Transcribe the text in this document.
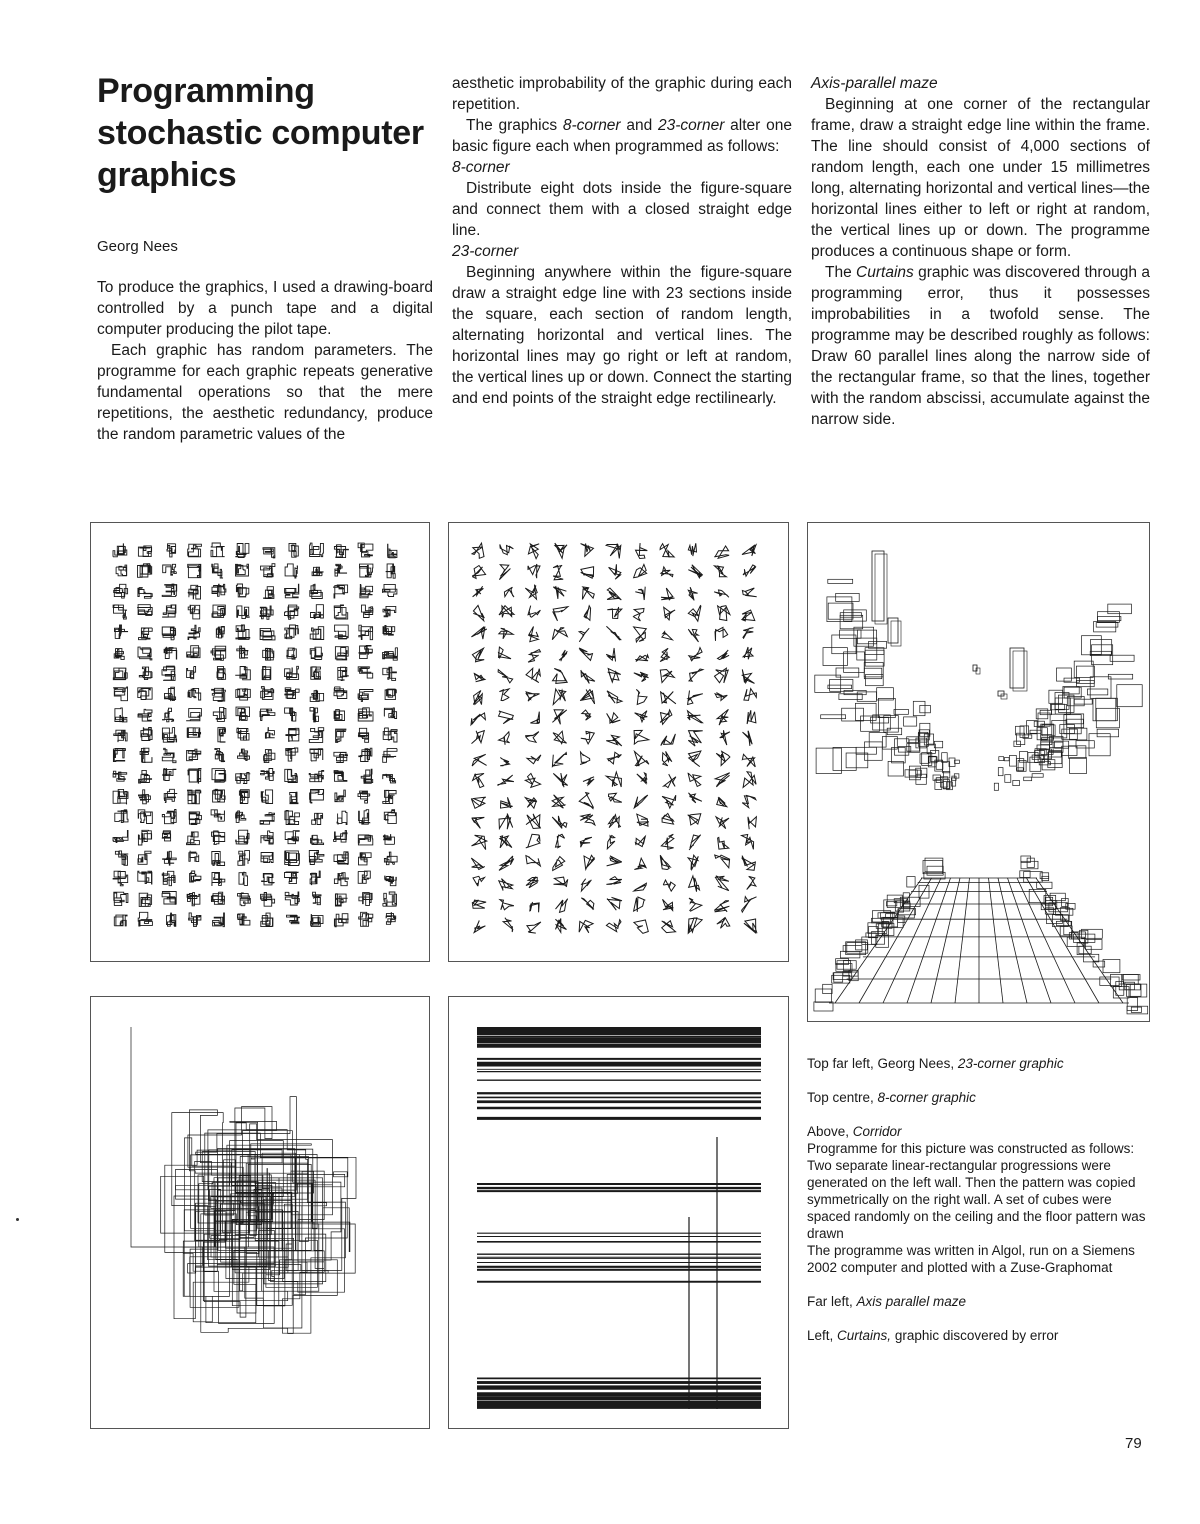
Programming stochastic computer graphics

Georg Nees

To produce the graphics, I used a drawing-board controlled by a punch tape and a digital computer producing the pilot tape.

Each graphic has random parameters. The programme for each graphic repeats generative fundamental operations so that the mere repetitions, the aesthetic redundancy, produce the random parametric values of the

aesthetic improbability of the graphic during each repetition.

The graphics 8-corner and 23-corner alter one basic figure each when programmed as follows:

8-corner

Distribute eight dots inside the figure-square and connect them with a closed straight edge line.

23-corner

Beginning anywhere within the figure-square draw a straight edge line with 23 sections inside the square, each section of random length, alternating horizontal and vertical lines. The horizontal lines may go right or left at random, the vertical lines up or down. Connect the starting and end points of the straight edge rectilinearly.

Axis-parallel maze

Beginning at one corner of the rectangular frame, draw a straight edge line within the frame. The line should consist of 4,000 sections of random length, each one under 15 millimetres long, alternating horizontal and vertical lines—the horizontal lines either to left or right at random, the vertical lines up or down. The programme produces a continuous shape or form.

The Curtains graphic was discovered through a programming error, thus it possesses improbabilities in a twofold sense. The programme may be described roughly as follows: Draw 60 parallel lines along the narrow side of the rectangular frame, so that the lines, together with the random abscissi, accumulate against the narrow side.

Top far left, Georg Nees, 23-corner graphic

Top centre, 8-corner graphic

Above, Corridor
Programme for this picture was constructed as follows:
Two separate linear-rectangular progressions were generated on the left wall. Then the pattern was copied symmetrically on the right wall. A set of cubes were spaced randomly on the ceiling and the floor pattern was drawn
The programme was written in Algol, run on a Siemens 2002 computer and plotted with a Zuse-Graphomat

Far left, Axis parallel maze

Left, Curtains, graphic discovered by error

79
